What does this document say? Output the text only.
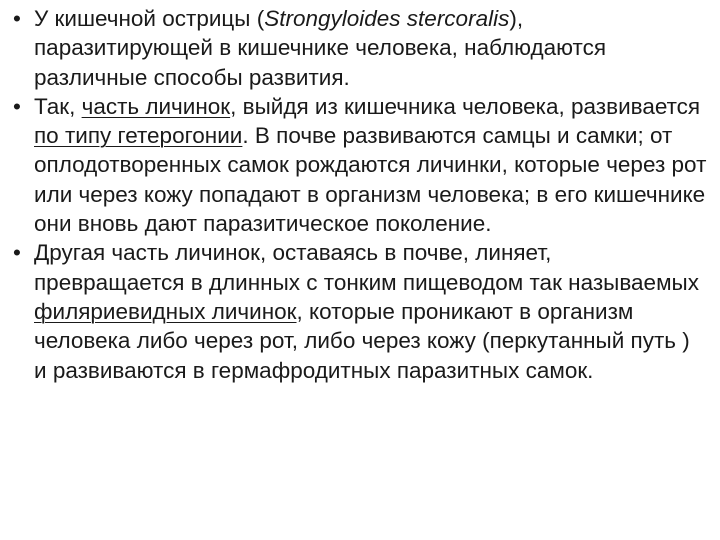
• У кишечной острицы (Strongyloides stercoralis), паразитирующей в кишечнике человека, наблюдаются различные способы развития.
• Так, часть личинок, выйдя из кишечника человека, развивается по типу гетерогонии. В почве развиваются самцы и самки; от оплодотворенных самок рождаются личинки, которые через рот или через кожу попадают в организм человека; в его кишечнике они вновь дают паразитическое поколение.
• Другая часть личинок, оставаясь в почве, линяет, превращается в длинных с тонким пищеводом так называемых филяриевидных личинок, которые проникают в организм человека либо через рот, либо через кожу (перкутанный путь ) и развиваются в гермафродитных паразитных самок.
